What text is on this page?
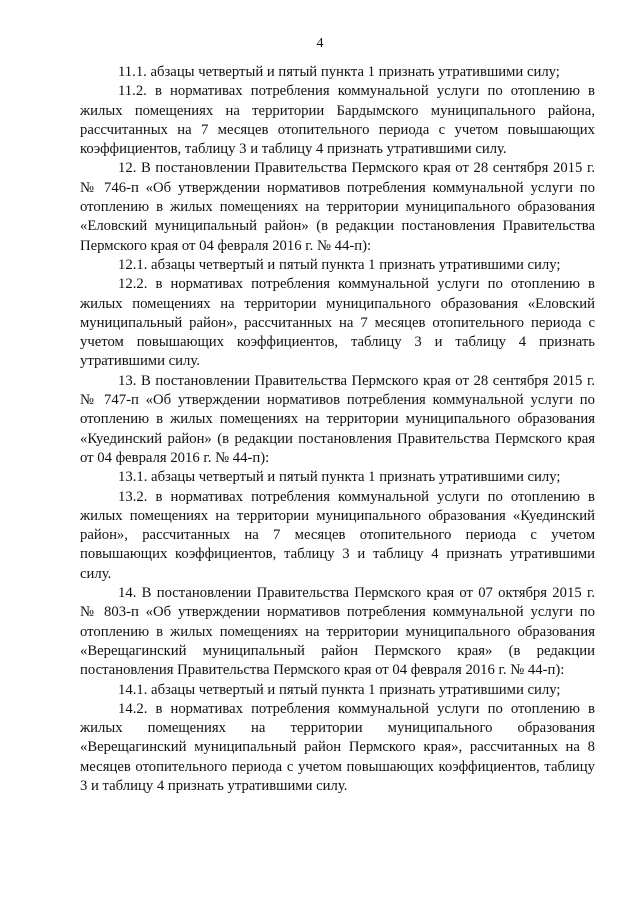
4

11.1. абзацы четвертый и пятый пункта 1 признать утратившими силу;

11.2. в нормативах потребления коммунальной услуги по отоплению в жилых помещениях на территории Бардымского муниципального района, рассчитанных на 7 месяцев отопительного периода с учетом повышающих коэффициентов, таблицу 3 и таблицу 4 признать утратившими силу.

12. В постановлении Правительства Пермского края от 28 сентября 2015 г. № 746-п «Об утверждении нормативов потребления коммунальной услуги по отоплению в жилых помещениях на территории муниципального образования «Еловский муниципальный район» (в редакции постановления Правительства Пермского края от 04 февраля 2016 г. № 44-п):

12.1. абзацы четвертый и пятый пункта 1 признать утратившими силу;

12.2. в нормативах потребления коммунальной услуги по отоплению в жилых помещениях на территории муниципального образования «Еловский муниципальный район», рассчитанных на 7 месяцев отопительного периода с учетом повышающих коэффициентов, таблицу 3 и таблицу 4 признать утратившими силу.

13. В постановлении Правительства Пермского края от 28 сентября 2015 г. № 747-п «Об утверждении нормативов потребления коммунальной услуги по отоплению в жилых помещениях на территории муниципального образования «Куединский район» (в редакции постановления Правительства Пермского края от 04 февраля 2016 г. № 44-п):

13.1. абзацы четвертый и пятый пункта 1 признать утратившими силу;

13.2. в нормативах потребления коммунальной услуги по отоплению в жилых помещениях на территории муниципального образования «Куединский район», рассчитанных на 7 месяцев отопительного периода с учетом повышающих коэффициентов, таблицу 3 и таблицу 4 признать утратившими силу.

14. В постановлении Правительства Пермского края от 07 октября 2015 г. № 803-п «Об утверждении нормативов потребления коммунальной услуги по отоплению в жилых помещениях на территории муниципального образования «Верещагинский муниципальный район Пермского края» (в редакции постановления Правительства Пермского края от 04 февраля 2016 г. № 44-п):

14.1. абзацы четвертый и пятый пункта 1 признать утратившими силу;

14.2. в нормативах потребления коммунальной услуги по отоплению в жилых помещениях на территории муниципального образования «Верещагинский муниципальный район Пермского края», рассчитанных на 8 месяцев отопительного периода с учетом повышающих коэффициентов, таблицу 3 и таблицу 4 признать утратившими силу.
